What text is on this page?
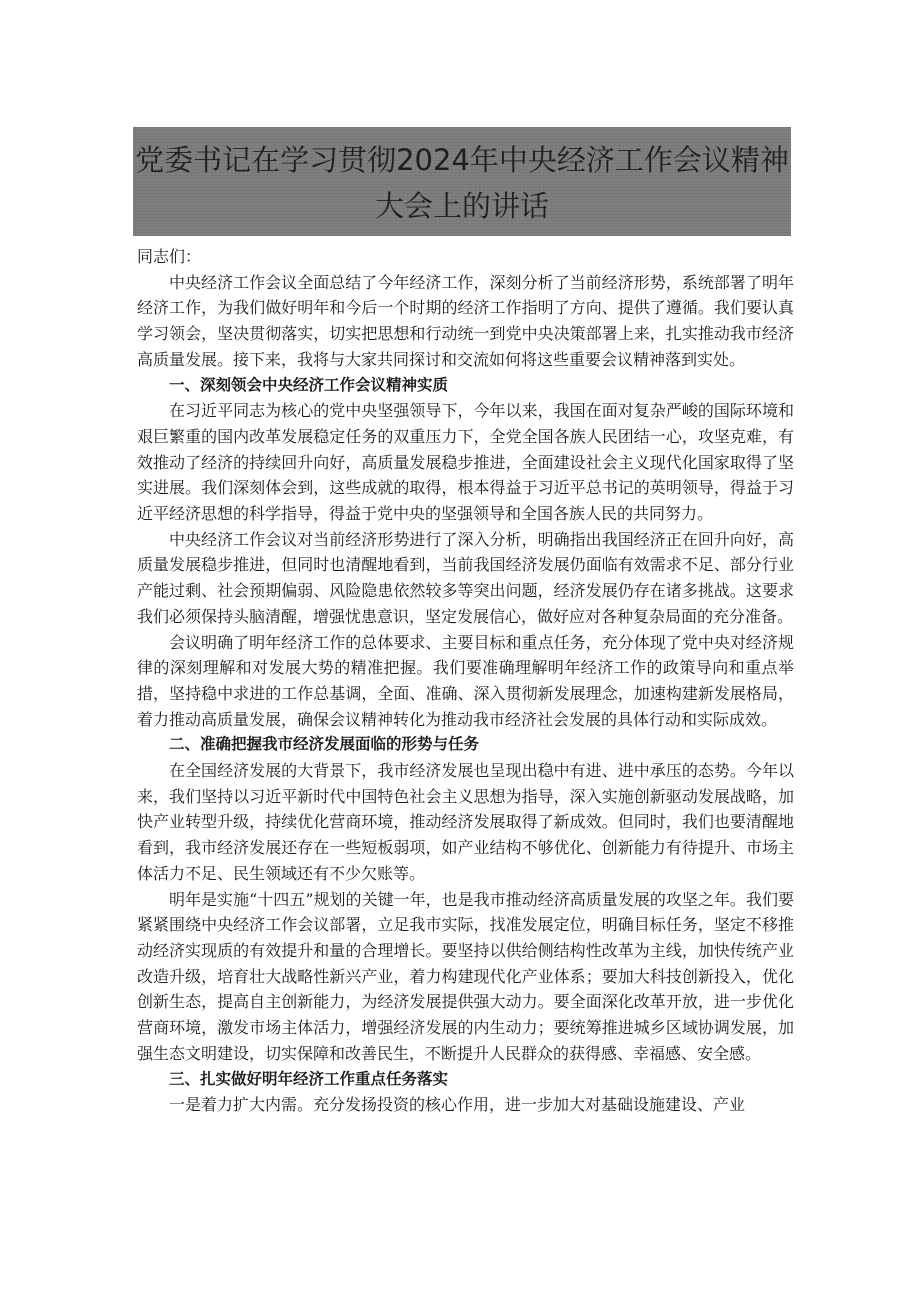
党委书记在学习贯彻2024年中央经济工作会议精神
大会上的讲话

同志们：

中央经济工作会议全面总结了今年经济工作，深刻分析了当前经济形势，系统部署了明年经济工作，为我们做好明年和今后一个时期的经济工作指明了方向、提供了遵循。我们要认真学习领会，坚决贯彻落实，切实把思想和行动统一到党中央决策部署上来，扎实推动我市经济高质量发展。接下来，我将与大家共同探讨和交流如何将这些重要会议精神落到实处。

一、深刻领会中央经济工作会议精神实质

在习近平同志为核心的党中央坚强领导下，今年以来，我国在面对复杂严峻的国际环境和艰巨繁重的国内改革发展稳定任务的双重压力下，全党全国各族人民团结一心，攻坚克难，有效推动了经济的持续回升向好，高质量发展稳步推进，全面建设社会主义现代化国家取得了坚实进展。我们深刻体会到，这些成就的取得，根本得益于习近平总书记的英明领导，得益于习近平经济思想的科学指导，得益于党中央的坚强领导和全国各族人民的共同努力。

中央经济工作会议对当前经济形势进行了深入分析，明确指出我国经济正在回升向好，高质量发展稳步推进，但同时也清醒地看到，当前我国经济发展仍面临有效需求不足、部分行业产能过剩、社会预期偏弱、风险隐患依然较多等突出问题，经济发展仍存在诸多挑战。这要求我们必须保持头脑清醒，增强忧患意识，坚定发展信心，做好应对各种复杂局面的充分准备。

会议明确了明年经济工作的总体要求、主要目标和重点任务，充分体现了党中央对经济规律的深刻理解和对发展大势的精准把握。我们要准确理解明年经济工作的政策导向和重点举措，坚持稳中求进的工作总基调，全面、准确、深入贯彻新发展理念，加速构建新发展格局，着力推动高质量发展，确保会议精神转化为推动我市经济社会发展的具体行动和实际成效。

二、准确把握我市经济发展面临的形势与任务

在全国经济发展的大背景下，我市经济发展也呈现出稳中有进、进中承压的态势。今年以来，我们坚持以习近平新时代中国特色社会主义思想为指导，深入实施创新驱动发展战略，加快产业转型升级，持续优化营商环境，推动经济发展取得了新成效。但同时，我们也要清醒地看到，我市经济发展还存在一些短板弱项，如产业结构不够优化、创新能力有待提升、市场主体活力不足、民生领域还有不少欠账等。

明年是实施“十四五”规划的关键一年，也是我市推动经济高质量发展的攻坚之年。我们要紧紧围绕中央经济工作会议部署，立足我市实际，找准发展定位，明确目标任务，坚定不移推动经济实现质的有效提升和量的合理增长。要坚持以供给侧结构性改革为主线，加快传统产业改造升级，培育壮大战略性新兴产业，着力构建现代化产业体系；要加大科技创新投入，优化创新生态，提高自主创新能力，为经济发展提供强大动力。要全面深化改革开放，进一步优化营商环境，激发市场主体活力，增强经济发展的内生动力；要统筹推进城乡区域协调发展，加强生态文明建设，切实保障和改善民生，不断提升人民群众的获得感、幸福感、安全感。

三、扎实做好明年经济工作重点任务落实

一是着力扩大内需。充分发扬投资的核心作用，进一步加大对基础设施建设、产业
